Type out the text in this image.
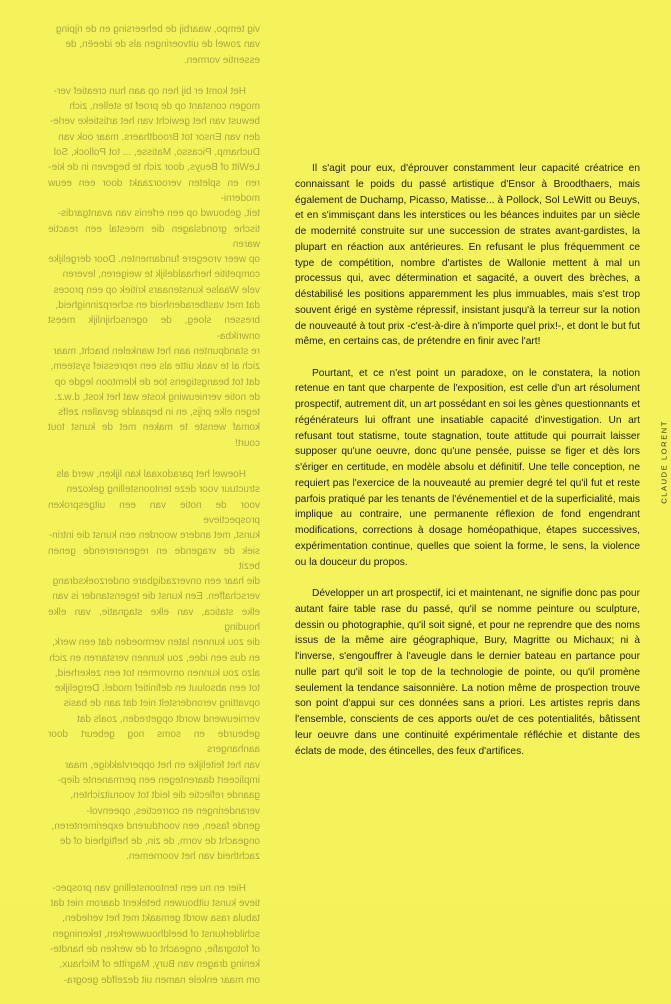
vig tempo, waarbij de beheersing en de rijping
van zowel de uitvoeringen als de ideeën, de
essentie vormen.

Het komt er bij hen op aan hun creatief ver-
mogen constant op de proef te stellen, zich
bewust van het gewicht van het artistieke verle-
den van Ensor tot Broodthaers, maar ook van
Duchamp, Picasso, Matisse, ... tot Pollock, Sol
LeWitt of Beuys, door zich te begeven in de kie-
ren en spleten veroorzaakt door een eeuw moderni-
teit, gebouwd op een erfenis van avantgardis-
tische grondslagen die meestal een reactie waren
op weer vroegere fundamenten. Door dergelijke
competitie herhaaldelijk te weigeren, leveren
vele Waalse kunstenaars kritiek op een proces
dat met vastberadenheid en scherpzinnigheid,
bressen sloeg, de ogenschijnlijk meest onwrikba-
re standpunten aan het wankelen bracht, maar
zich al te vaak uitte als een repressief systeem,
dat tot beangstigens toe de klemtoon legde op
de notie vernieuwing koste wat het kost, d.w.z.
tegen elke prijs, en in bepaalde gevallen zelfs
komaf wenste te maken met de kunst tout court!

Hoewel het paradoxaal kan lijken, werd als
structuur voor deze tentoonstelling gekozen
voor de notie van een uitgesproken prospectieve
kunst, met andere woorden een kunst die intrin-
siek de vragende en regenererende genen bezit
die haar een onverzadigbare onderzoeksdrang
verschaffen. Een kunst die tegenstander is van
elke statica, van elke stagnatie, van elke houding
die zou kunnen laten vermoeden dat een werk,
en dus een idee, zou kunnen verstarren en zich
alzo zou kunnen omvormen tot een zekerheid,
tot een absoluut en definitief model. Dergelijke
opvatting veronderstelt niet dat aan de basis
vernieuwend wordt opgetreden, zoals dat
gebeurde en soms nog gebeurt door aanhangers
van het feitelijke en het oppervlakkige, maar
impliceert daarentegen een permanente diep-
gaande reflectie die leidt tot vooruitzichten,
veranderingen en correcties, opeenvol-
gende fasen, een voortdurend experimenteren,
ongeacht de vorm, de zin, de heftigheid of de
zachtheid van het voornemen.

Hier en nu een tentoonstelling van prospec-
tieve kunst uitbouwen betekent daarom niet dat
tabula rasa wordt gemaakt met het verleden,
schilderkunst of beeldhouwwerken, tekeningen
of fotografie, ongeacht of de werken de handte-
kening dragen van Bury, Magritte of Michaux,
om maar enkele namen uit dezelfde geogra-

Il s'agit pour eux, d'éprouver constamment leur capacité créatrice en connaissant le poids du passé artistique d'Ensor à Broodthaers, mais également de Duchamp, Picasso, Matisse... à Pollock, Sol LeWitt ou Beuys, et en s'immisçant dans les interstices ou les béances induites par un siècle de modernité construite sur une succession de strates avant-gardistes, la plupart en réaction aux antérieures. En refusant le plus fréquemment ce type de compétition, nombre d'artistes de Wallonie mettent à mal un processus qui, avec détermination et sagacité, a ouvert des brèches, a déstabilisé les positions apparemment les plus immuables, mais s'est trop souvent érigé en système répressif, insistant jusqu'à la terreur sur la notion de nouveauté à tout prix -c'est-à-dire à n'importe quel prix!-, et dont le but fut même, en certains cas, de prétendre en finir avec l'art!

Pourtant, et ce n'est point un paradoxe, on le constatera, la notion retenue en tant que charpente de l'exposition, est celle d'un art résolument prospectif, autrement dit, un art possédant en soi les gènes questionnants et régénérateurs lui offrant une insatiable capacité d'investigation. Un art refusant tout statisme, toute stagnation, toute attitude qui pourrait laisser supposer qu'une oeuvre, donc qu'une pensée, puisse se figer et dès lors s'ériger en certitude, en modèle absolu et définitif. Une telle conception, ne requiert pas l'exercice de la nouveauté au premier degré tel qu'il fut et reste parfois pratiqué par les tenants de l'événementiel et de la superficialité, mais implique au contraire, une permanente réflexion de fond engendrant modifications, corrections à dosage homéopathique, étapes successives, expérimentation continue, quelles que soient la forme, le sens, la violence ou la douceur du propos.

Développer un art prospectif, ici et maintenant, ne signifie donc pas pour autant faire table rase du passé, qu'il se nomme peinture ou sculpture, dessin ou photographie, qu'il soit signé, et pour ne reprendre que des noms issus de la même aire géographique, Bury, Magritte ou Michaux; ni à l'inverse, s'engouffrer à l'aveugle dans le dernier bateau en partance pour nulle part qu'il soit le top de la technologie de pointe, ou qu'il promène seulement la tendance saisonnière. La notion même de prospection trouve son point d'appui sur ces données sans a priori. Les artistes repris dans l'ensemble, conscients de ces apports ou/et de ces potentialités, bâtissent leur oeuvre dans une continuité expérimentale réfléchie et distante des éclats de mode, des étincelles, des feux d'artifices.

CLAUDE LORENT
